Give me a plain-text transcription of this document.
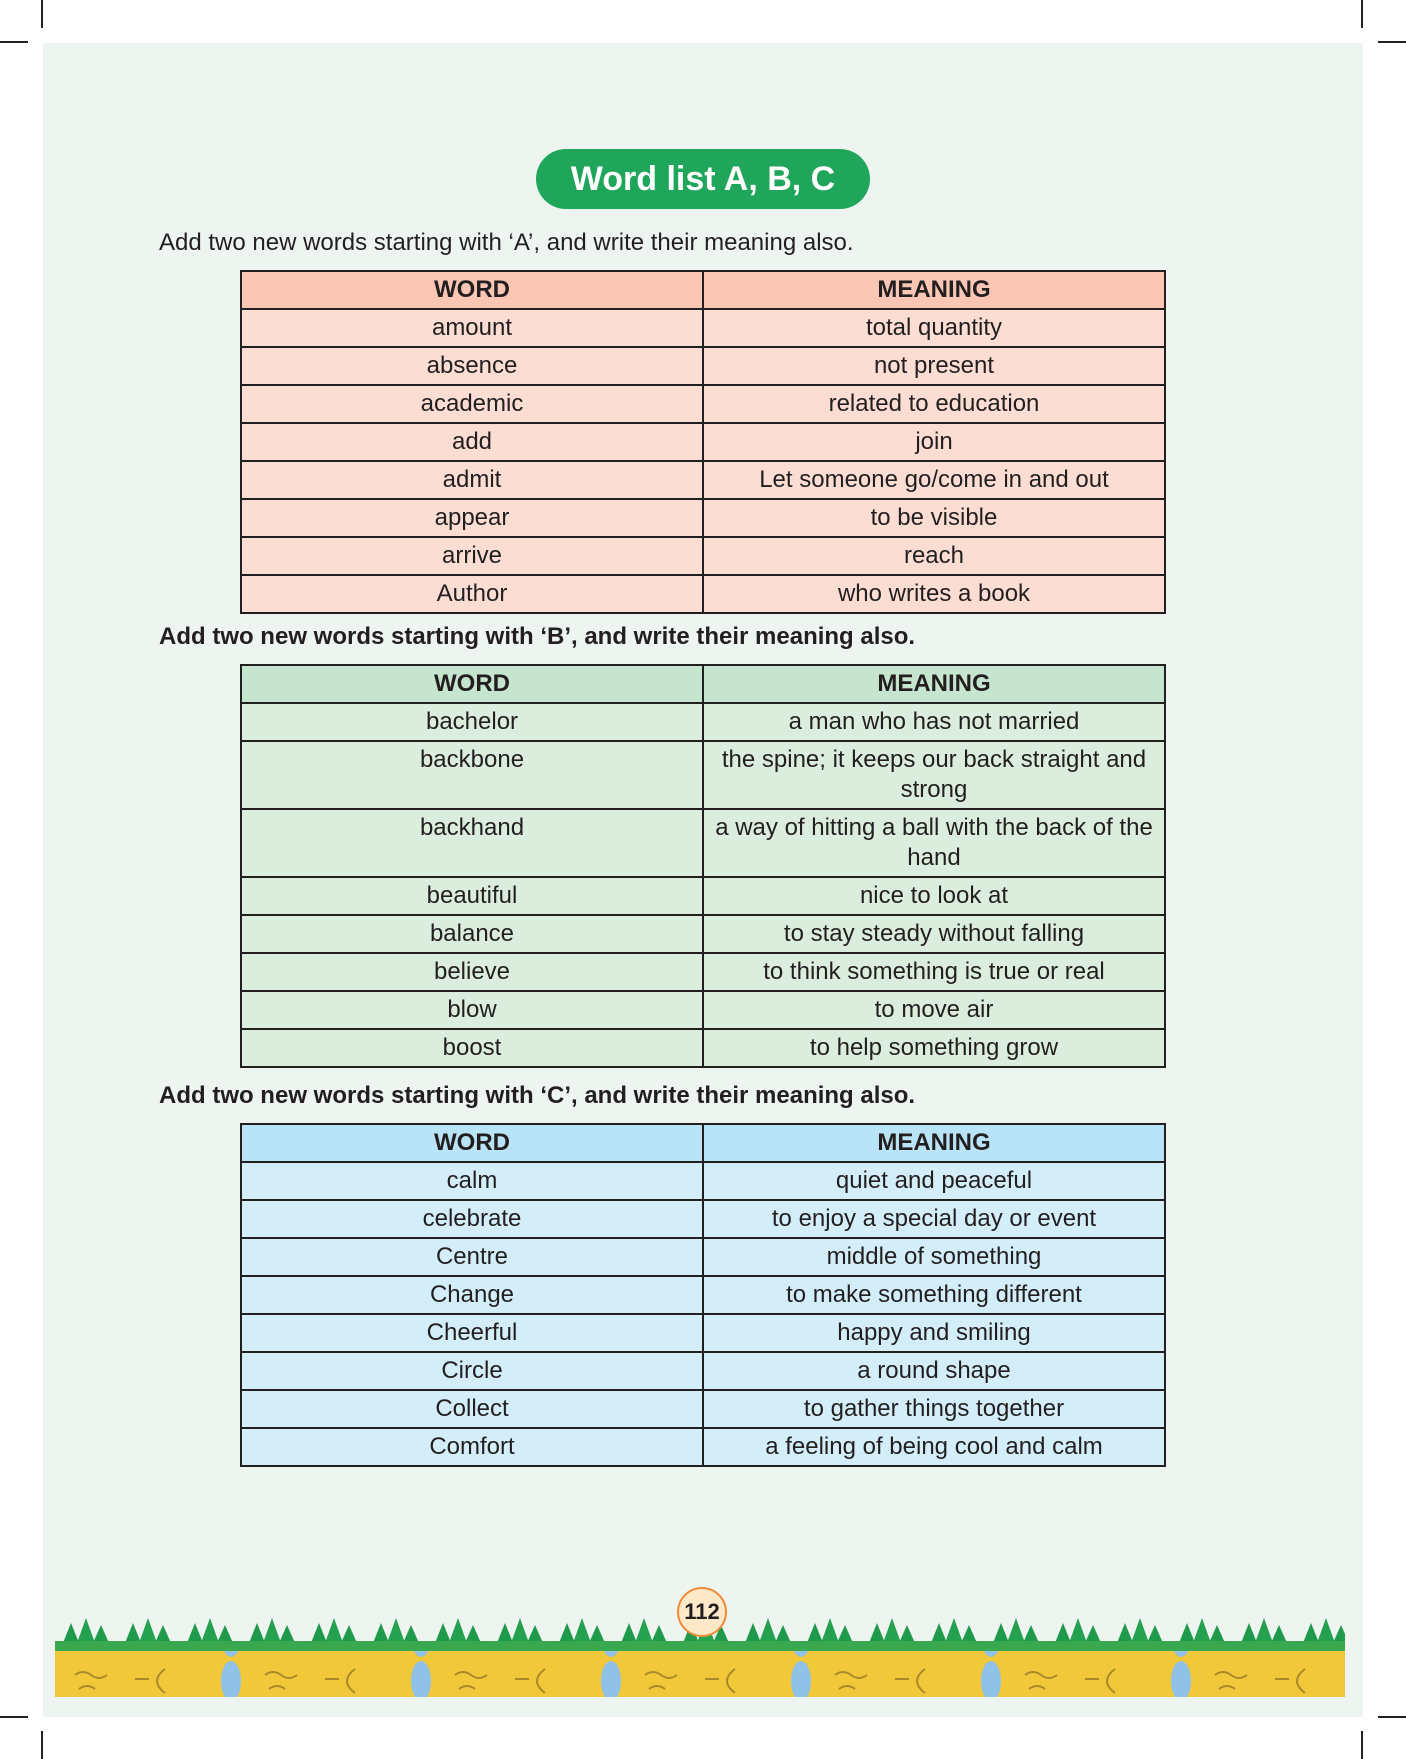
Word list A, B, C
Add two new words starting with ‘A’, and write their meaning also.
WORD	MEANING
amount	total quantity
absence	not present
academic	related to education
add	join
admit	Let someone go/come in and out
appear	to be visible
arrive	reach
Author	who writes a book
Add two new words starting with ‘B’, and write their meaning also.
WORD	MEANING
bachelor	a man who has not married
backbone	the spine; it keeps our back straight and strong
backhand	a way of hitting a ball with the back of the hand
beautiful	nice to look at
balance	to stay steady without falling
believe	to think something is true or real
blow	to move air
boost	to help something grow
Add two new words starting with ‘C’, and write their meaning also.
WORD	MEANING
calm	quiet and peaceful
celebrate	to enjoy a special day or event
Centre	middle of something
Change	to make something different
Cheerful	happy and smiling
Circle	a round shape
Collect	to gather things together
Comfort	a feeling of being cool and calm
112
